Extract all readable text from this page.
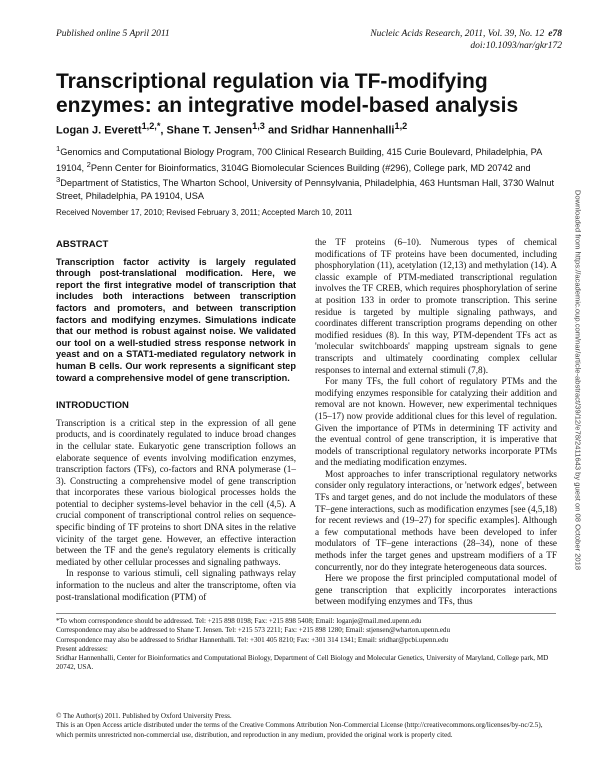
Published online 5 April 2011	Nucleic Acids Research, 2011, Vol. 39, No. 12 e78
doi:10.1093/nar/gkr172
Transcriptional regulation via TF-modifying enzymes: an integrative model-based analysis
Logan J. Everett$^{1,2,*}$, Shane T. Jensen$^{1,3}$ and Sridhar Hannenhalli$^{1,2}$
$^1$Genomics and Computational Biology Program, 700 Clinical Research Building, 415 Curie Boulevard, Philadelphia, PA 19104, $^2$Penn Center for Bioinformatics, 3104G Biomolecular Sciences Building (#296), College park, MD 20742 and $^3$Department of Statistics, The Wharton School, University of Pennsylvania, Philadelphia, 463 Huntsman Hall, 3730 Walnut Street, Philadelphia, PA 19104, USA
Received November 17, 2010; Revised February 3, 2011; Accepted March 10, 2011
ABSTRACT

Transcription factor activity is largely regulated through post-translational modification. Here, we report the first integrative model of transcription that includes both interactions between transcription factors and promoters, and between transcription factors and modifying enzymes. Simulations indicate that our method is robust against noise. We validated our tool on a well-studied stress response network in yeast and on a STAT1-mediated regulatory network in human B cells. Our work represents a significant step toward a comprehensive model of gene transcription.

INTRODUCTION

Transcription is a critical step in the expression of all gene products, and is coordinately regulated to induce broad changes in the cellular state. Eukaryotic gene transcription follows an elaborate sequence of events involving modification enzymes, transcription factors (TFs), co-factors and RNA polymerase (1–3). Constructing a comprehensive model of gene transcription that incorporates these various biological processes holds the potential to decipher systems-level behavior in the cell (4,5). A crucial component of transcriptional control relies on sequence-specific binding of TF proteins to short DNA sites in the relative vicinity of the target gene. However, an effective interaction between the TF and the gene's regulatory elements is critically mediated by other cellular processes and signaling pathways.

In response to various stimuli, cell signaling pathways relay information to the nucleus and alter the transcriptome, often via post-translational modification (PTM) of

the TF proteins (6–10). Numerous types of chemical modifications of TF proteins have been documented, including phosphorylation (11), acetylation (12,13) and methylation (14). A classic example of PTM-mediated transcriptional regulation involves the TF CREB, which requires phosphorylation of serine at position 133 in order to promote transcription. This serine residue is targeted by multiple signaling pathways, and coordinates different transcription programs depending on other modified residues (8). In this way, PTM-dependent TFs act as 'molecular switchboards' mapping upstream signals to gene transcripts and ultimately coordinating complex cellular responses to internal and external stimuli (7,8).

For many TFs, the full cohort of regulatory PTMs and the modifying enzymes responsible for catalyzing their addition and removal are not known. However, new experimental techniques (15–17) now provide additional clues for this level of regulation. Given the importance of PTMs in determining TF activity and the eventual control of gene transcription, it is imperative that models of transcriptional regulatory networks incorporate PTMs and the mediating modification enzymes.

Most approaches to infer transcriptional regulatory networks consider only regulatory interactions, or 'network edges', between TFs and target genes, and do not include the modulators of these TF–gene interactions, such as modification enzymes [see (4,5,18) for recent reviews and (19–27) for specific examples]. Although a few computational methods have been developed to infer modulators of TF–gene interactions (28–34), none of these methods infer the target genes and upstream modifiers of a TF concurrently, nor do they integrate heterogeneous data sources.

Here we propose the first principled computational model of gene transcription that explicitly incorporates interactions between modifying enzymes and TFs, thus

Downloaded from https://academic.oup.com/nar/article-abstract/39/12/e78/2411643 by guest on 08 October 2018

*To whom correspondence should be addressed. Tel: +215 898 0198; Fax: +215 898 5408; Email: loganje@mail.med.upenn.edu

Correspondence may also be addressed to Shane T. Jensen. Tel: +215 573 2211; Fax: +215 898 1280; Email: stjensen@wharton.upenn.edu

Correspondence may also be addressed to Sridhar Hannenhalli. Tel: +301 405 8210; Fax: +301 314 1341; Email: sridhar@pcbi.upenn.edu

Present addresses:

Sridhar Hannenhalli, Center for Bioinformatics and Computational Biology, Department of Cell Biology and Molecular Genetics, University of Maryland, College park, MD 20742, USA.

© The Author(s) 2011. Published by Oxford University Press.

This is an Open Access article distributed under the terms of the Creative Commons Attribution Non-Commercial License (http://creativecommons.org/licenses/by-nc/2.5), which permits unrestricted non-commercial use, distribution, and reproduction in any medium, provided the original work is properly cited.
